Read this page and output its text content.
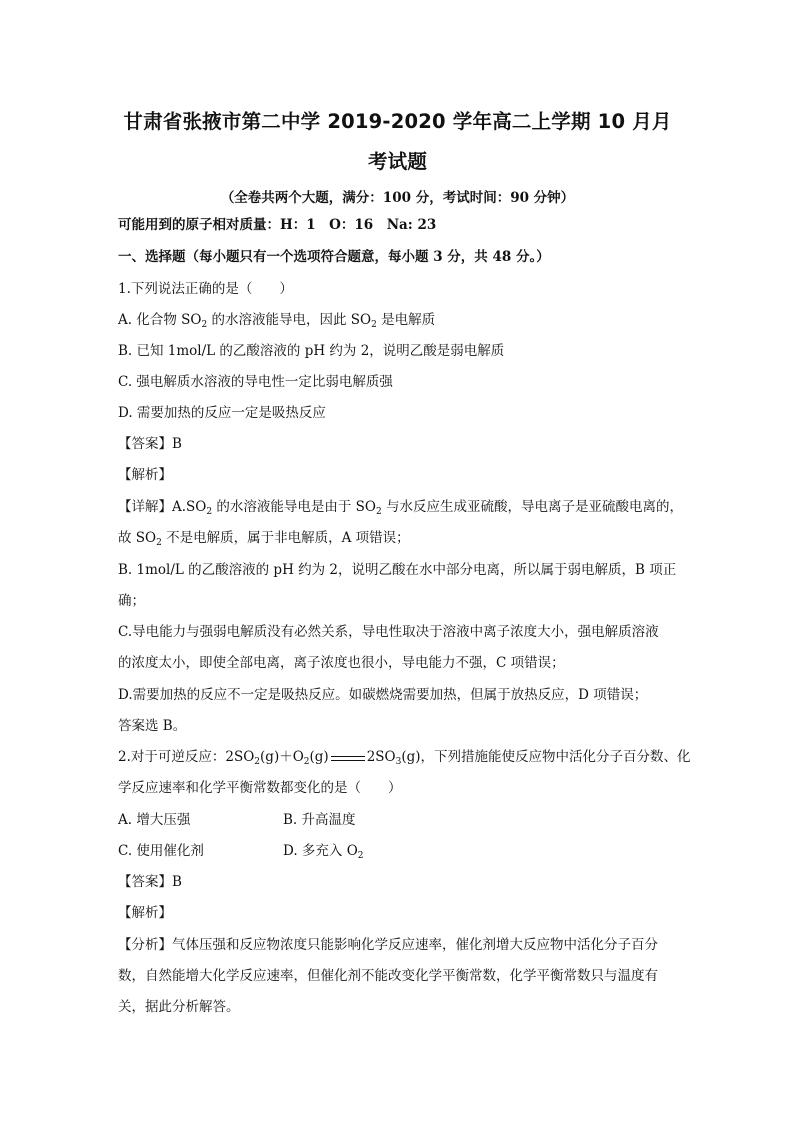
甘肃省张掖市第二中学 2019-2020 学年高二上学期 10 月月
考试题
（全卷共两个大题，满分：100 分，考试时间：90 分钟）
可能用到的原子相对质量：H：1　O：16　Na: 23
一、选择题（每小题只有一个选项符合题意，每小题 3 分，共 48 分。）
1.下列说法正确的是（　　）
A. 化合物 $SO_2$ 的水溶液能导电，因此 $SO_2$ 是电解质
B. 已知 1mol/L 的乙酸溶液的 pH 约为 2，说明乙酸是弱电解质
C. 强电解质水溶液的导电性一定比弱电解质强
D. 需要加热的反应一定是吸热反应
【答案】B
【解析】
【详解】$A.SO_2$ 的水溶液能导电是由于 $SO_2$ 与水反应生成亚硫酸，导电离子是亚硫酸电离的，
故 $SO_2$ 不是电解质，属于非电解质，A 项错误；
B. 1mol/L 的乙酸溶液的 pH 约为 2，说明乙酸在水中部分电离，所以属于弱电解质，B 项正
确；
C.导电能力与强弱电解质没有必然关系，导电性取决于溶液中离子浓度大小，强电解质溶液
的浓度太小，即使全部电离，离子浓度也很小，导电能力不强，C 项错误；
D.需要加热的反应不一定是吸热反应。如碳燃烧需要加热，但属于放热反应，D 项错误；
答案选 B。
2.对于可逆反应：$2SO_2(g)+O_2(g)$	$2SO_3(g)$，下列措施能使反应物中活化分子百分数、化
学反应速率和化学平衡常数都变化的是（　　）
A. 增大压强	B. 升高温度
C. 使用催化剂	D. 多充入 $O_2$
【答案】B
【解析】
【分析】气体压强和反应物浓度只能影响化学反应速率，催化剂增大反应物中活化分子百分
数，自然能增大化学反应速率，但催化剂不能改变化学平衡常数，化学平衡常数只与温度有
关，据此分析解答。
